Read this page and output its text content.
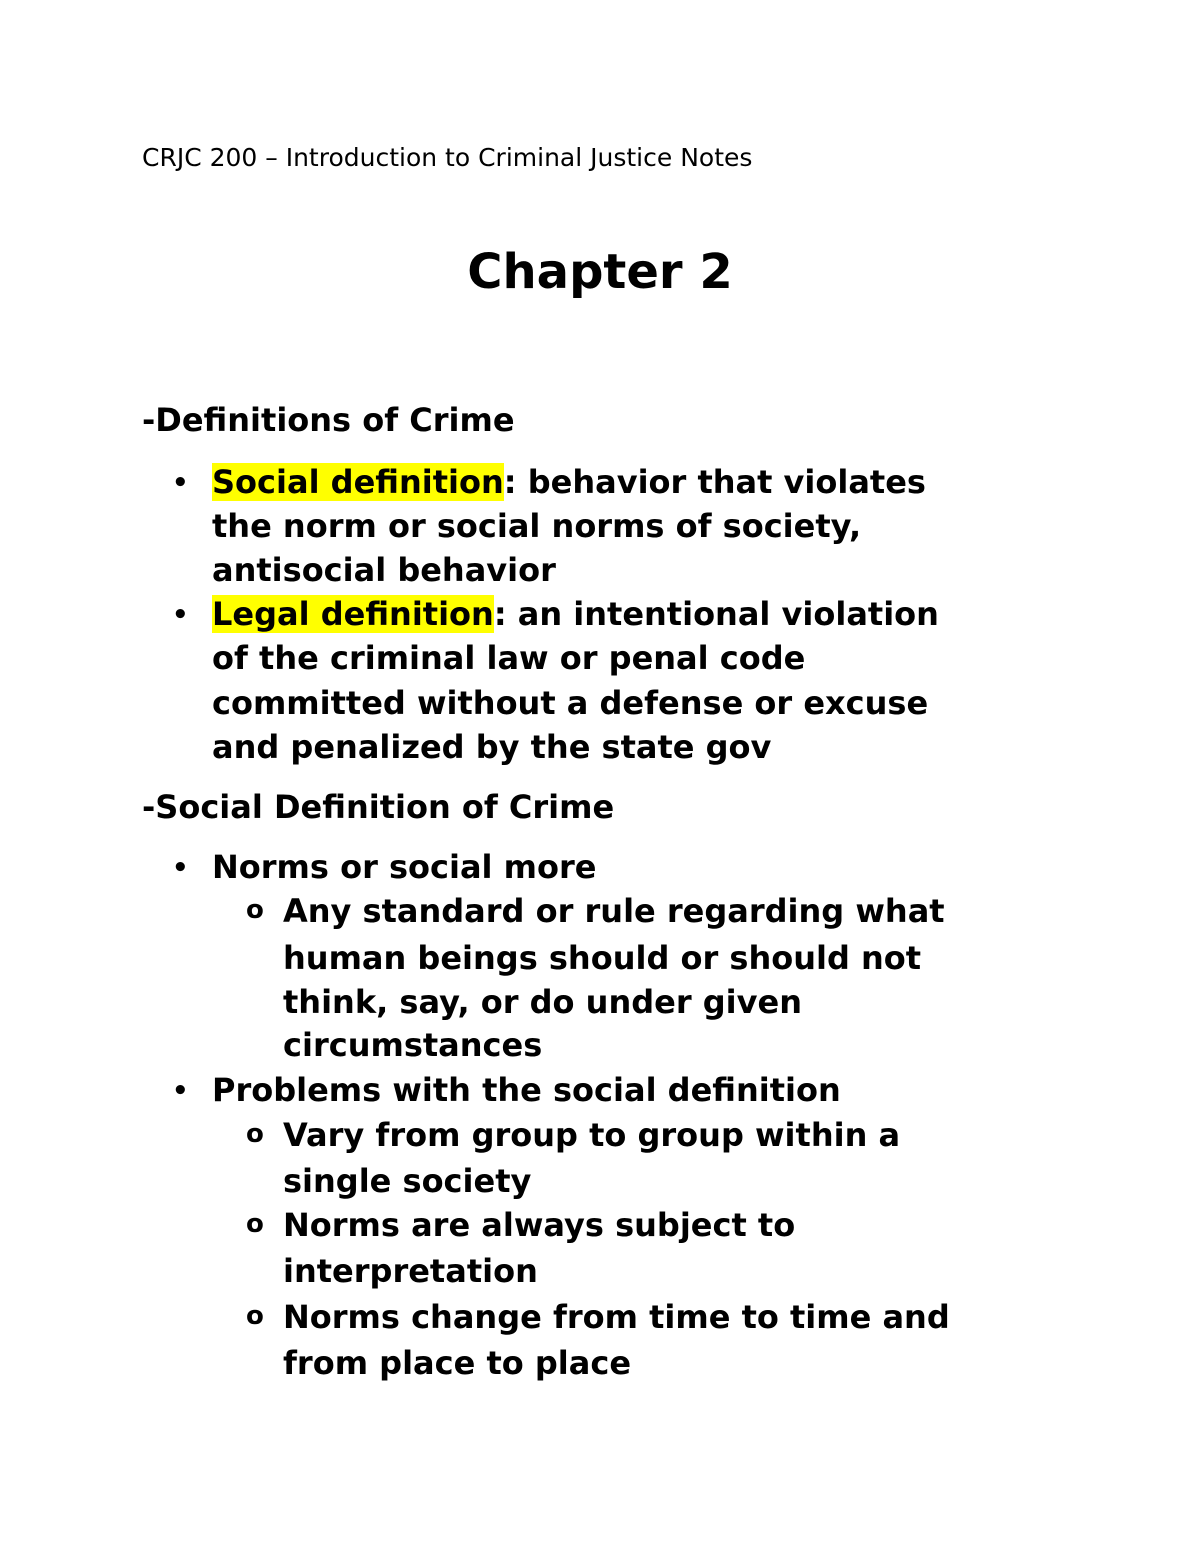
CRJC 200 – Introduction to Criminal Justice Notes
Chapter 2
-Definitions of Crime
• Social definition: behavior that violates
the norm or social norms of society,
antisocial behavior
• Legal definition: an intentional violation
of the criminal law or penal code
committed without a defense or excuse
and penalized by the state gov
-Social Definition of Crime
• Norms or social more
o Any standard or rule regarding what
human beings should or should not
think, say, or do under given
circumstances
• Problems with the social definition
o Vary from group to group within a
single society
o Norms are always subject to
interpretation
o Norms change from time to time and
from place to place
